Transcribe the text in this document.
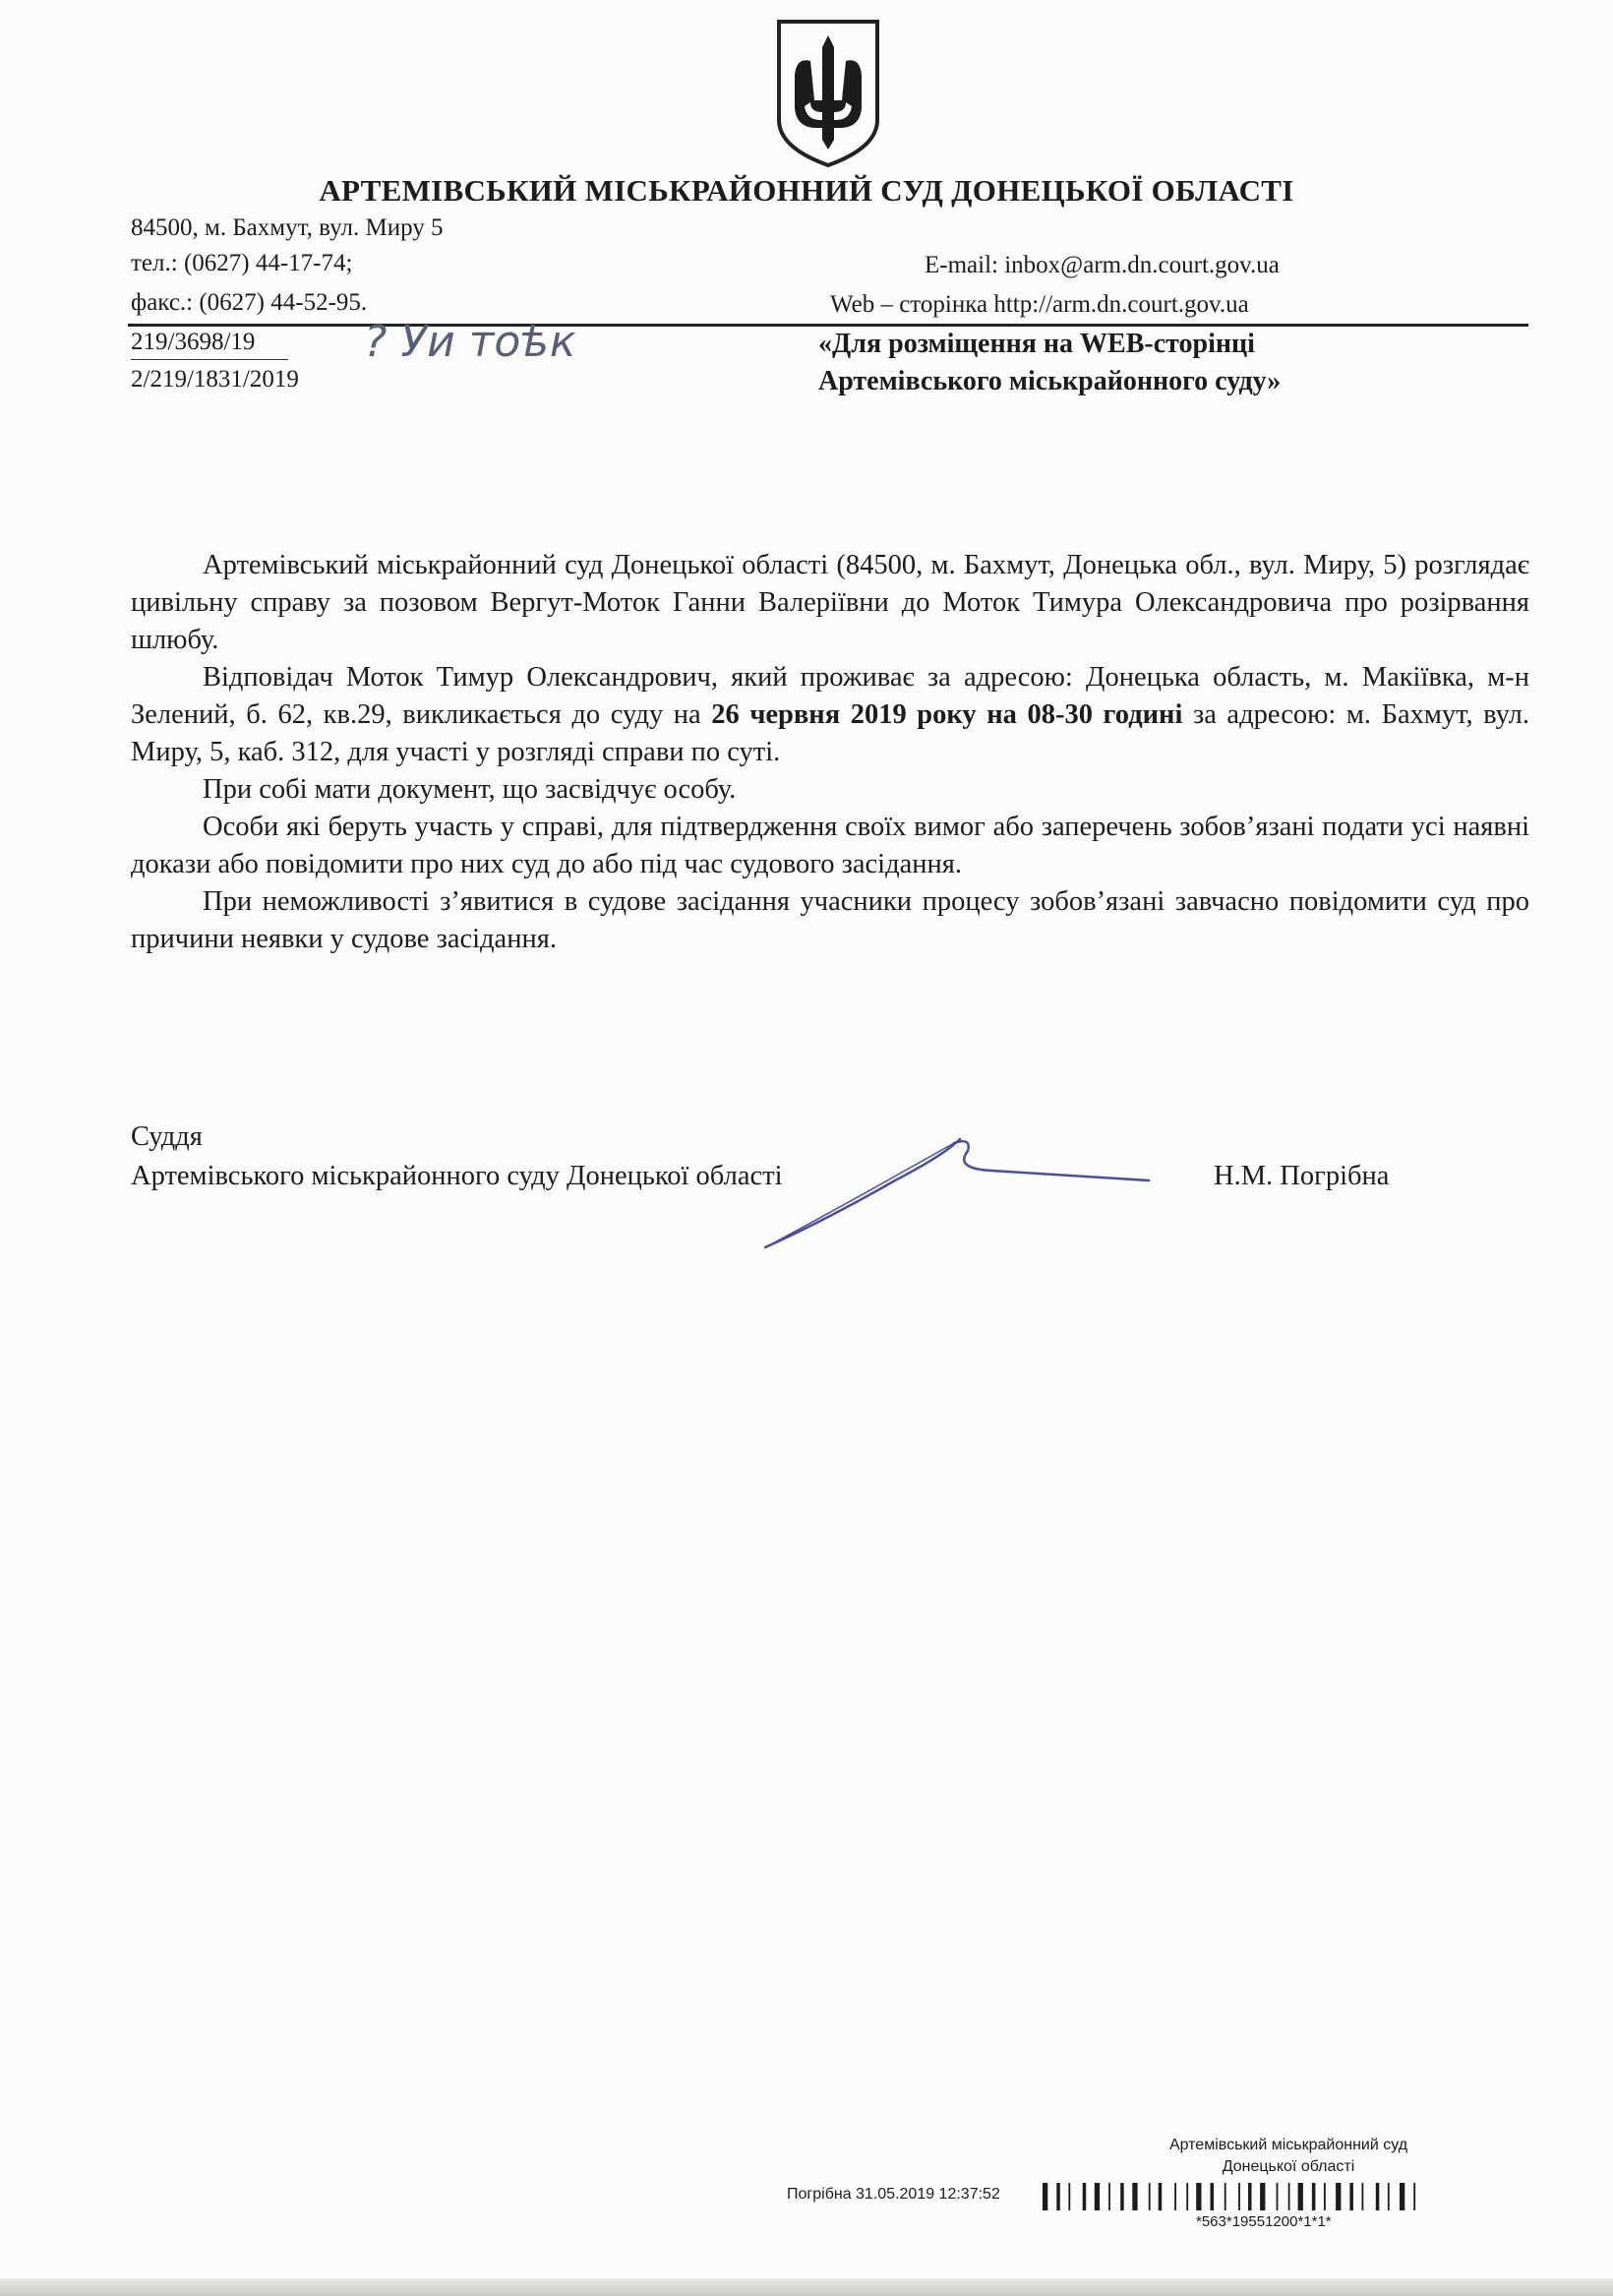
АРТЕМІВСЬКИЙ МІСЬКРАЙОННИЙ СУД ДОНЕЦЬКОЇ ОБЛАСТІ
84500, м. Бахмут, вул. Миру 5
тел.: (0627) 44-17-74;
факс.: (0627) 44-52-95.
E-mail: inbox@arm.dn.court.gov.ua
Web – сторінка http://arm.dn.court.gov.ua
219/3698/19
2/219/1831/2019
? Уи тоѣк	«Для розміщення на WEB-сторінці
Артемівського міськрайонного суду»

Артемівський міськрайонний суд Донецької області (84500, м. Бахмут, Донецька обл., вул. Миру, 5) розглядає цивільну справу за позовом Вергут-Моток Ганни Валеріївни до Моток Тимура Олександровича про розірвання шлюбу.

Відповідач Моток Тимур Олександрович, який проживає за адресою: Донецька область, м. Макіївка, м-н Зелений, б. 62, кв.29, викликається до суду на 26 червня 2019 року на 08-30 годині за адресою: м. Бахмут, вул. Миру, 5, каб. 312, для участі у розгляді справи по суті.

При собі мати документ, що засвідчує особу.

Особи які беруть участь у справі, для підтвердження своїх вимог або заперечень зобов’язані подати усі наявні докази або повідомити про них суд до або під час судового засідання.

При неможливості з’явитися в судове засідання учасники процесу зобов’язані завчасно повідомити суд про причини неявки у судове засідання.

Суддя
Артемівського міськрайонного суду Донецької області	Н.М. Погрібна
Артемівський міськрайонний суд
Донецької області
Погрібна 31.05.2019 12:37:52
*563*19551200*1*1*
